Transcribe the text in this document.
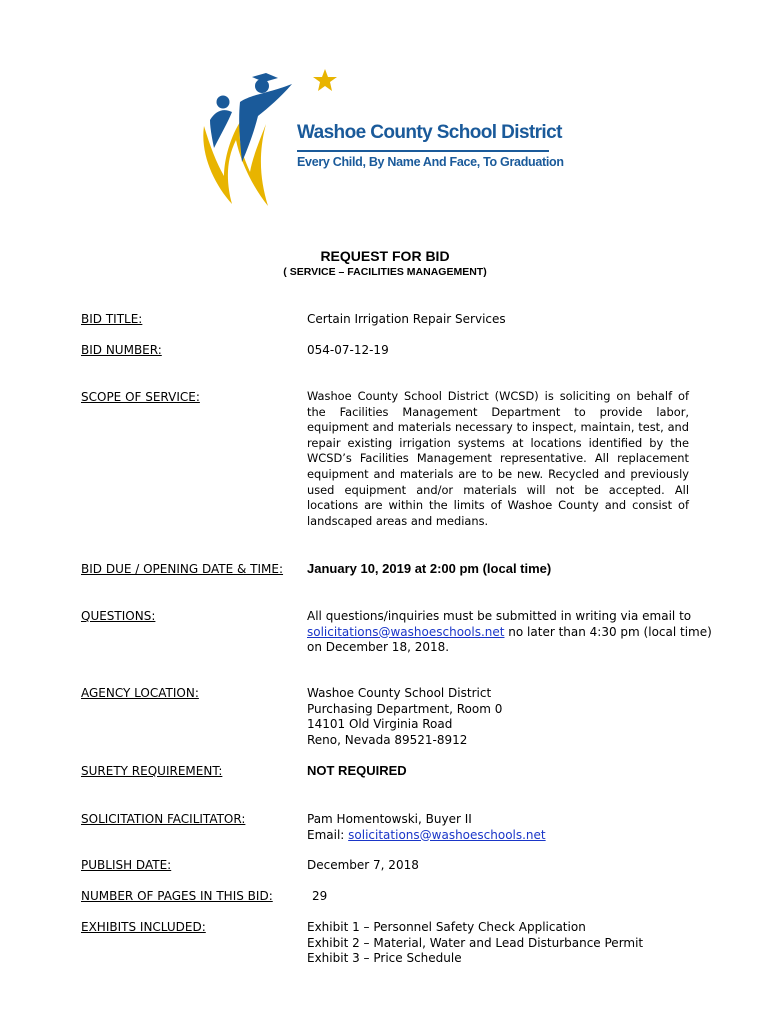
Washoe County School District
Every Child, By Name And Face, To Graduation
REQUEST FOR BID
( SERVICE – FACILITIES MANAGEMENT)
BID TITLE:	Certain Irrigation Repair Services
BID NUMBER:	054-07-12-19
SCOPE OF SERVICE:	Washoe County School District (WCSD) is soliciting on behalf of the Facilities Management Department to provide labor, equipment and materials necessary to inspect, maintain, test, and repair existing irrigation systems at locations identified by the WCSD’s Facilities Management representative. All replacement equipment and materials are to be new. Recycled and previously used equipment and/or materials will not be accepted. All locations are within the limits of Washoe County and consist of landscaped areas and medians.
BID DUE / OPENING DATE & TIME: January 10, 2019 at 2:00 pm (local time)
QUESTIONS:	All questions/inquiries must be submitted in writing via email to
solicitations@washoeschools.net no later than 4:30 pm (local time)
on December 18, 2018.
AGENCY LOCATION:	Washoe County School District
Purchasing Department, Room 0
14101 Old Virginia Road
Reno, Nevada 89521-8912
SURETY REQUIREMENT:	NOT REQUIRED
SOLICITATION FACILITATOR:	Pam Homentowski, Buyer II
Email: solicitations@washoeschools.net
PUBLISH DATE:	December 7, 2018
NUMBER OF PAGES IN THIS BID:	29
EXHIBITS INCLUDED:	Exhibit 1 – Personnel Safety Check Application
Exhibit 2 – Material, Water and Lead Disturbance Permit
Exhibit 3 – Price Schedule
